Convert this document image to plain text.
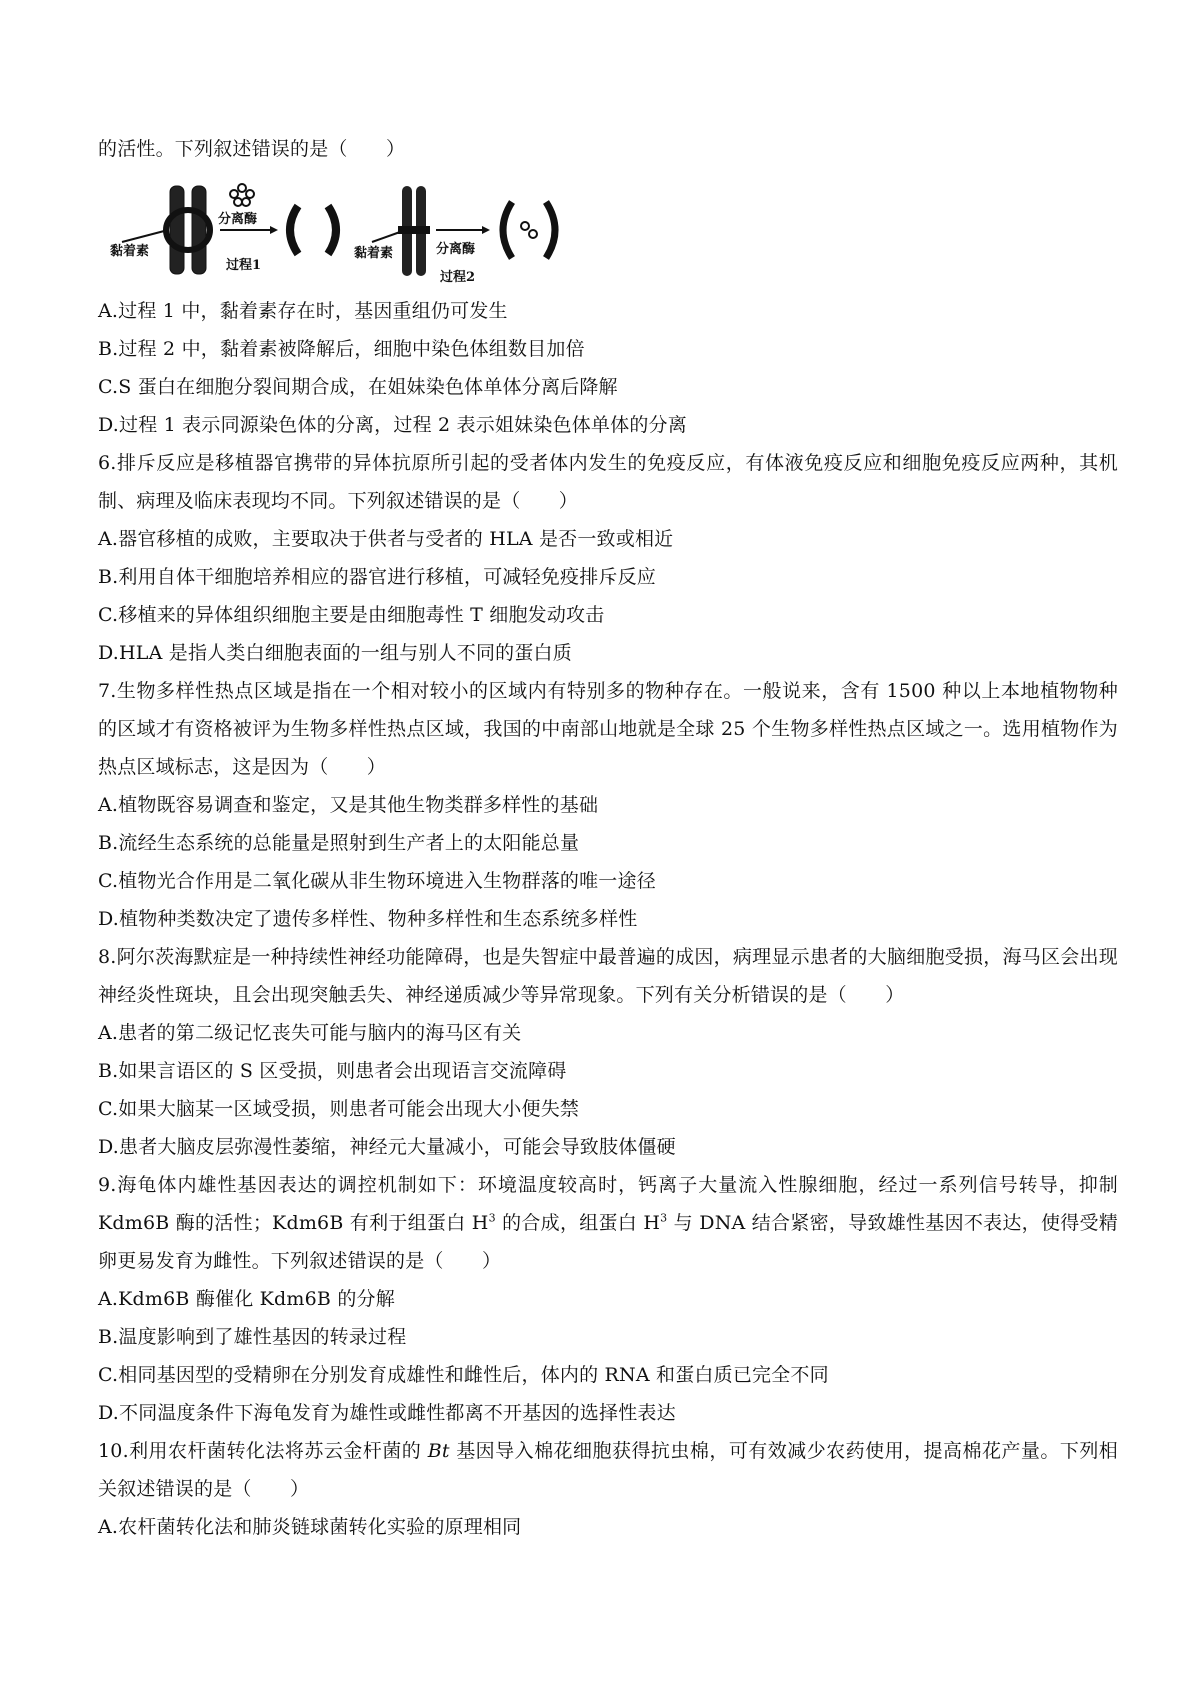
的活性。下列叙述错误的是（　　）
黏着素
分离酶
过程1
黏着素	分离酶
过程2
A.过程 1 中，黏着素存在时，基因重组仍可发生
B.过程 2 中，黏着素被降解后，细胞中染色体组数目加倍
C.S 蛋白在细胞分裂间期合成，在姐妹染色体单体分离后降解
D.过程 1 表示同源染色体的分离，过程 2 表示姐妹染色体单体的分离
6.排斥反应是移植器官携带的异体抗原所引起的受者体内发生的免疫反应，有体液免疫反应和细胞免疫反应两种，其机制、病理及临床表现均不同。下列叙述错误的是（　　）
A.器官移植的成败，主要取决于供者与受者的 HLA 是否一致或相近
B.利用自体干细胞培养相应的器官进行移植，可减轻免疫排斥反应
C.移植来的异体组织细胞主要是由细胞毒性 T 细胞发动攻击
D.HLA 是指人类白细胞表面的一组与别人不同的蛋白质
7.生物多样性热点区域是指在一个相对较小的区域内有特别多的物种存在。一般说来，含有 1500 种以上本地植物物种的区域才有资格被评为生物多样性热点区域，我国的中南部山地就是全球 25 个生物多样性热点区域之一。选用植物作为热点区域标志，这是因为（　　）
A.植物既容易调查和鉴定，又是其他生物类群多样性的基础
B.流经生态系统的总能量是照射到生产者上的太阳能总量
C.植物光合作用是二氧化碳从非生物环境进入生物群落的唯一途径
D.植物种类数决定了遗传多样性、物种多样性和生态系统多样性
8.阿尔茨海默症是一种持续性神经功能障碍，也是失智症中最普遍的成因，病理显示患者的大脑细胞受损，海马区会出现神经炎性斑块，且会出现突触丢失、神经递质减少等异常现象。下列有关分析错误的是（　　）
A.患者的第二级记忆丧失可能与脑内的海马区有关
B.如果言语区的 S 区受损，则患者会出现语言交流障碍
C.如果大脑某一区域受损，则患者可能会出现大小便失禁
D.患者大脑皮层弥漫性萎缩，神经元大量减小，可能会导致肢体僵硬
9.海龟体内雄性基因表达的调控机制如下：环境温度较高时，钙离子大量流入性腺细胞，经过一系列信号转导，抑制 Kdm6B 酶的活性；Kdm6B 有利于组蛋白 $H^3$ 的合成，组蛋白 $H^3$ 与 DNA 结合紧密，导致雄性基因不表达，使得受精卵更易发育为雌性。下列叙述错误的是（　　）
A.Kdm6B 酶催化 Kdm6B 的分解
B.温度影响到了雄性基因的转录过程
C.相同基因型的受精卵在分别发育成雄性和雌性后，体内的 RNA 和蛋白质已完全不同
D.不同温度条件下海龟发育为雄性或雌性都离不开基因的选择性表达
10.利用农杆菌转化法将苏云金杆菌的 Bt 基因导入棉花细胞获得抗虫棉，可有效减少农药使用，提高棉花产量。下列相关叙述错误的是（　　）
A.农杆菌转化法和肺炎链球菌转化实验的原理相同
